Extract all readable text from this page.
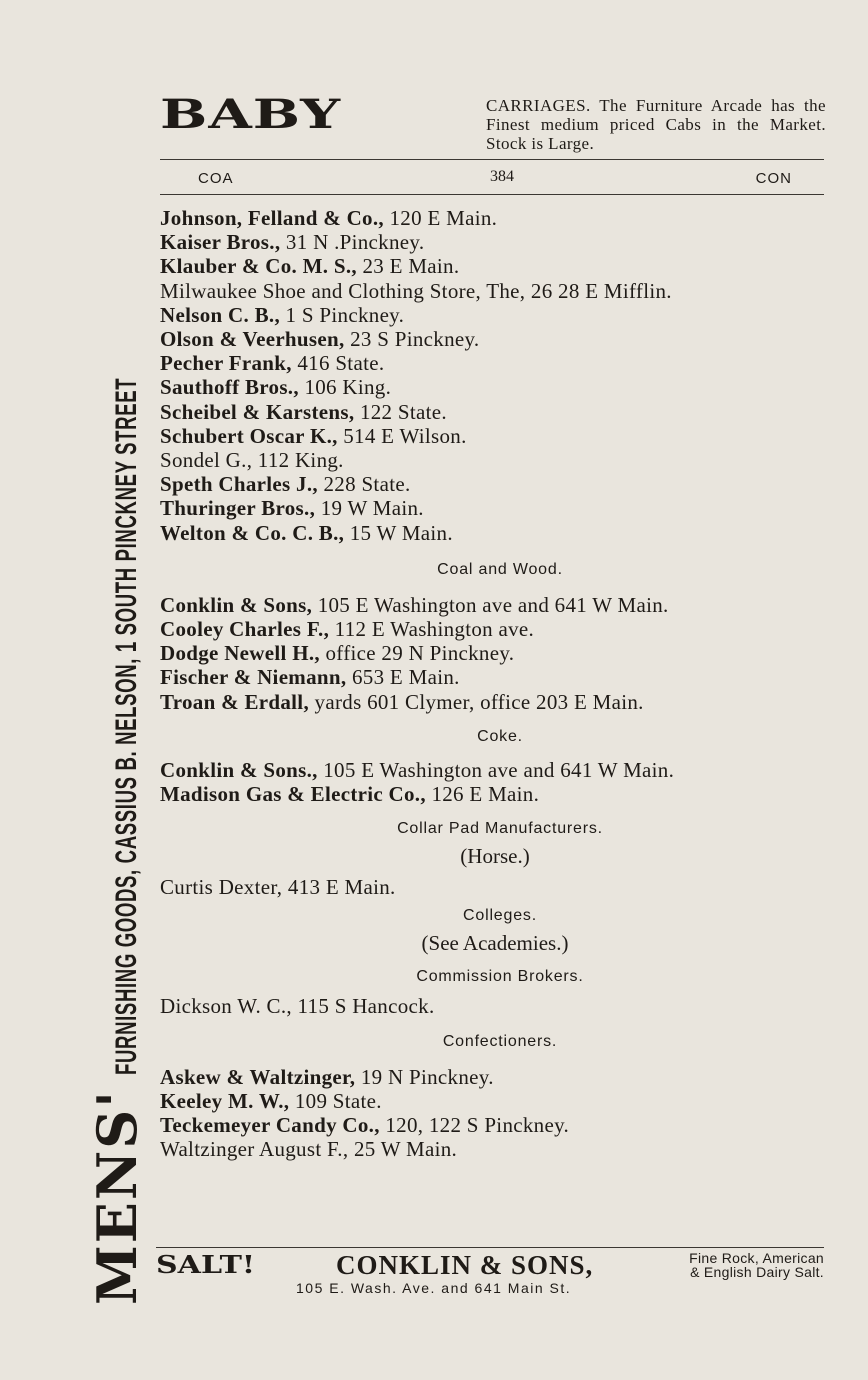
MENS'
FURNISHING GOODS, CASSIUS B. NELSON, 1 SOUTH PINCKNEY STREET
BABY	CARRIAGES. The Furniture Arcade has the Finest medium priced Cabs in the Market. Stock is Large.
COA	384	CON
Johnson, Felland & Co., 120 E Main.
Kaiser Bros., 31 N .Pinckney.
Klauber & Co. M. S., 23 E Main.
Milwaukee Shoe and Clothing Store, The, 26 28 E Mifflin.
Nelson C. B., 1 S Pinckney.
Olson & Veerhusen, 23 S Pinckney.
Pecher Frank, 416 State.
Sauthoff Bros., 106 King.
Scheibel & Karstens, 122 State.
Schubert Oscar K., 514 E Wilson.
Sondel G., 112 King.
Speth Charles J., 228 State.
Thuringer Bros., 19 W Main.
Welton & Co. C. B., 15 W Main.
Coal and Wood.
Conklin & Sons, 105 E Washington ave and 641 W Main.
Cooley Charles F., 112 E Washington ave.
Dodge Newell H., office 29 N Pinckney.
Fischer & Niemann, 653 E Main.
Troan & Erdall, yards 601 Clymer, office 203 E Main.
Coke.
Conklin & Sons., 105 E Washington ave and 641 W Main.
Madison Gas & Electric Co., 126 E Main.
Collar Pad Manufacturers.
(Horse.)
Curtis Dexter, 413 E Main.
Colleges.
(See Academies.)
Commission Brokers.
Dickson W. C., 115 S Hancock.
Confectioners.
Askew & Waltzinger, 19 N Pinckney.
Keeley M. W., 109 State.
Teckemeyer Candy Co., 120, 122 S Pinckney.
Waltzinger August F., 25 W Main.
SALT!	CONKLIN & SONS,	Fine Rock, American
& English Dairy Salt.
105 E. Wash. Ave. and 641 Main St.
